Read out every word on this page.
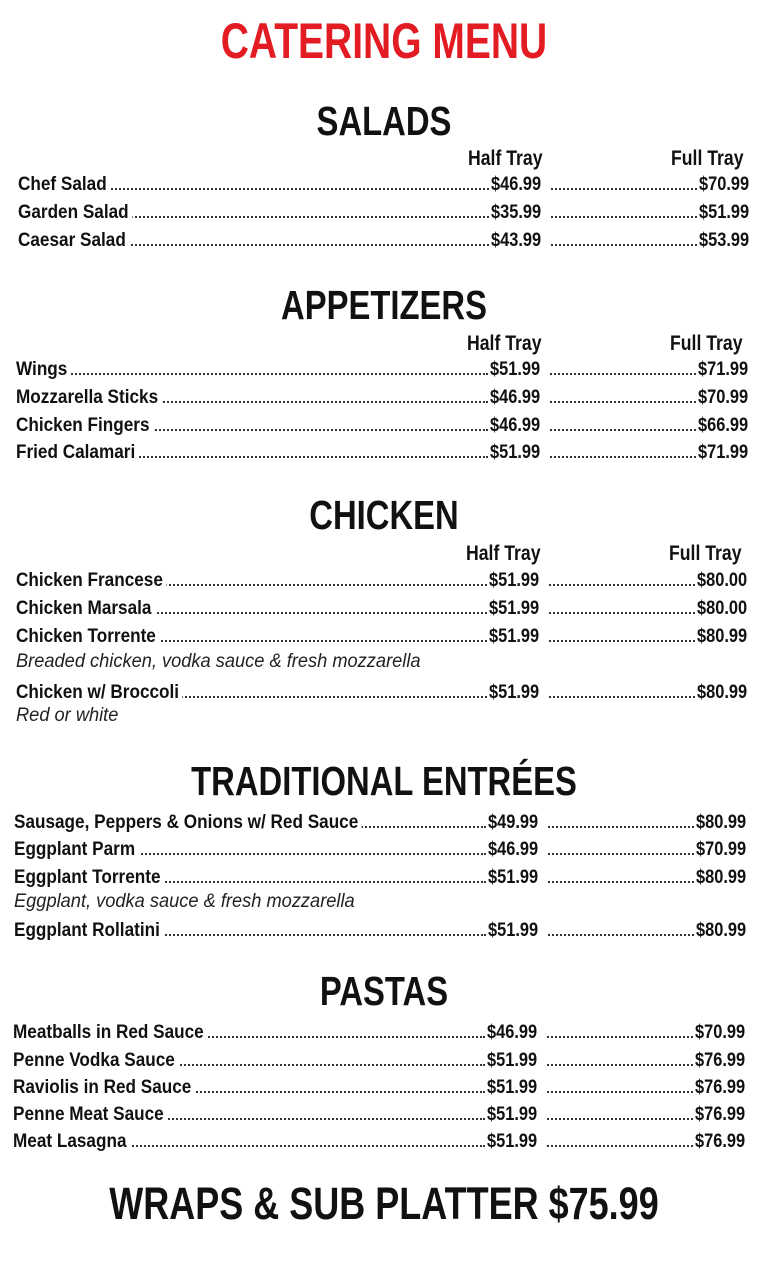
CATERING MENU
SALADS
Half Tray	Full Tray
Chef Salad	$46.99	$70.99
Garden Salad	$35.99	$51.99
Caesar Salad	$43.99	$53.99
APPETIZERS
Half Tray	Full Tray
Wings	$51.99	$71.99
Mozzarella Sticks	$46.99	$70.99
Chicken Fingers	$46.99	$66.99
Fried Calamari	$51.99	$71.99
CHICKEN
Half Tray	Full Tray
Chicken Francese	$51.99	$80.00
Chicken Marsala	$51.99	$80.00
Chicken Torrente	$51.99	$80.99
Breaded chicken, vodka sauce & fresh mozzarella
Chicken w/ Broccoli	$51.99	$80.99
Red or white
TRADITIONAL ENTRÉES
Sausage, Peppers & Onions w/ Red Sauce	$49.99	$80.99
Eggplant Parm	$46.99	$70.99
Eggplant Torrente	$51.99	$80.99
Eggplant, vodka sauce & fresh mozzarella
Eggplant Rollatini	$51.99	$80.99
PASTAS
Meatballs in Red Sauce	$46.99	$70.99
Penne Vodka Sauce	$51.99	$76.99
Raviolis in Red Sauce	$51.99	$76.99
Penne Meat Sauce	$51.99	$76.99
Meat Lasagna	$51.99	$76.99
WRAPS & SUB PLATTER $75.99
